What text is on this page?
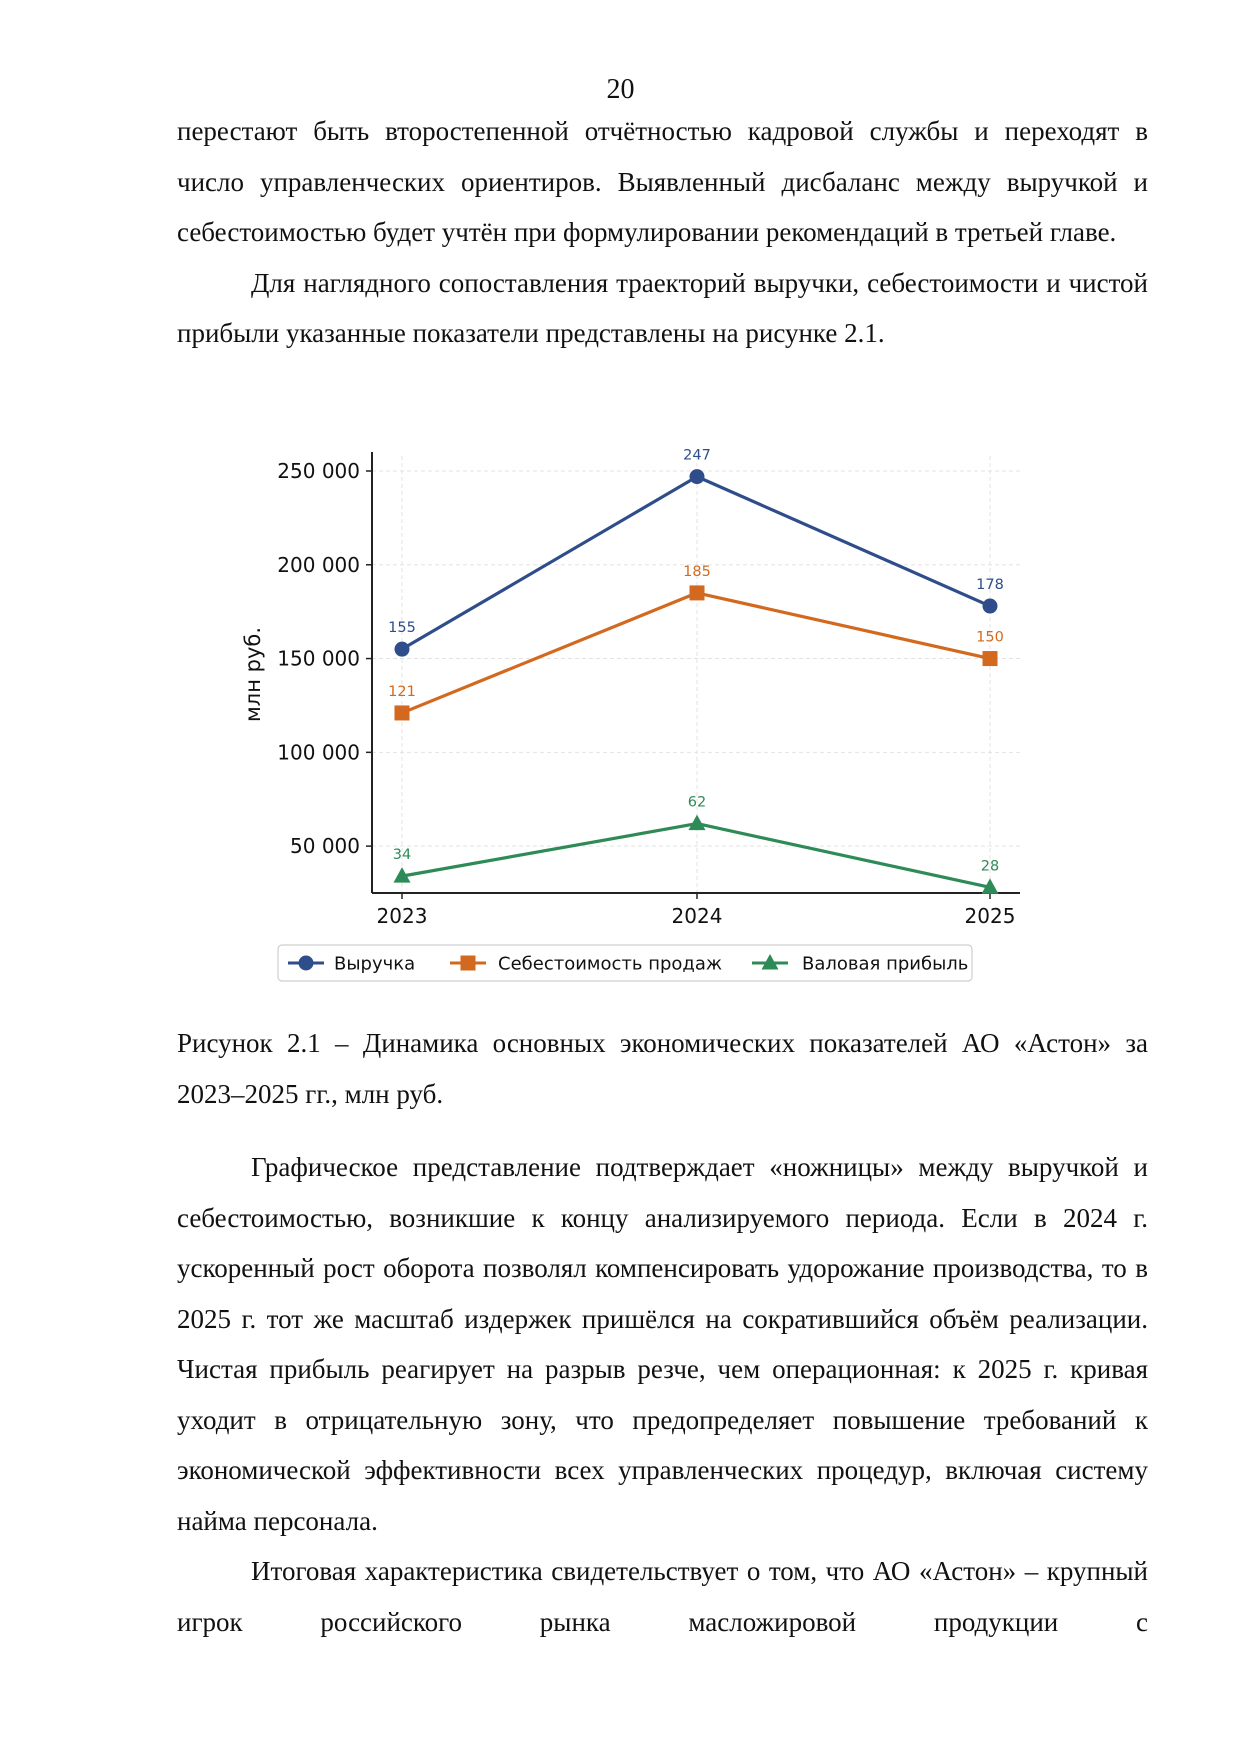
20

перестают быть второстепенной отчётностью кадровой службы и переходят в число управленческих ориентиров. Выявленный дисбаланс между выручкой и себестоимостью будет учтён при формулировании рекомендаций в третьей главе.

Для наглядного сопоставления траекторий выручки, себестоимости и чистой прибыли указанные показатели представлены на рисунке 2.1.

50 000
100 000
150 000
200 000
250 000
2023	2024	2025
млн руб.	155
247
178
121
185
150
34
62
28
Выручка	Себестоимость продаж	Валовая прибыль

Рисунок 2.1 – Динамика основных экономических показателей АО «Астон» за 2023–2025 гг., млн руб.

Графическое представление подтверждает «ножницы» между выручкой и себестоимостью, возникшие к концу анализируемого периода. Если в 2024 г. ускоренный рост оборота позволял компенсировать удорожание производства, то в 2025 г. тот же масштаб издержек пришёлся на сократившийся объём реализации. Чистая прибыль реагирует на разрыв резче, чем операционная: к 2025 г. кривая уходит в отрицательную зону, что предопределяет повышение требований к экономической эффективности всех управленческих процедур, включая систему найма персонала.

Итоговая характеристика свидетельствует о том, что АО «Астон» – крупный игрок российского рынка масложировой продукции с
